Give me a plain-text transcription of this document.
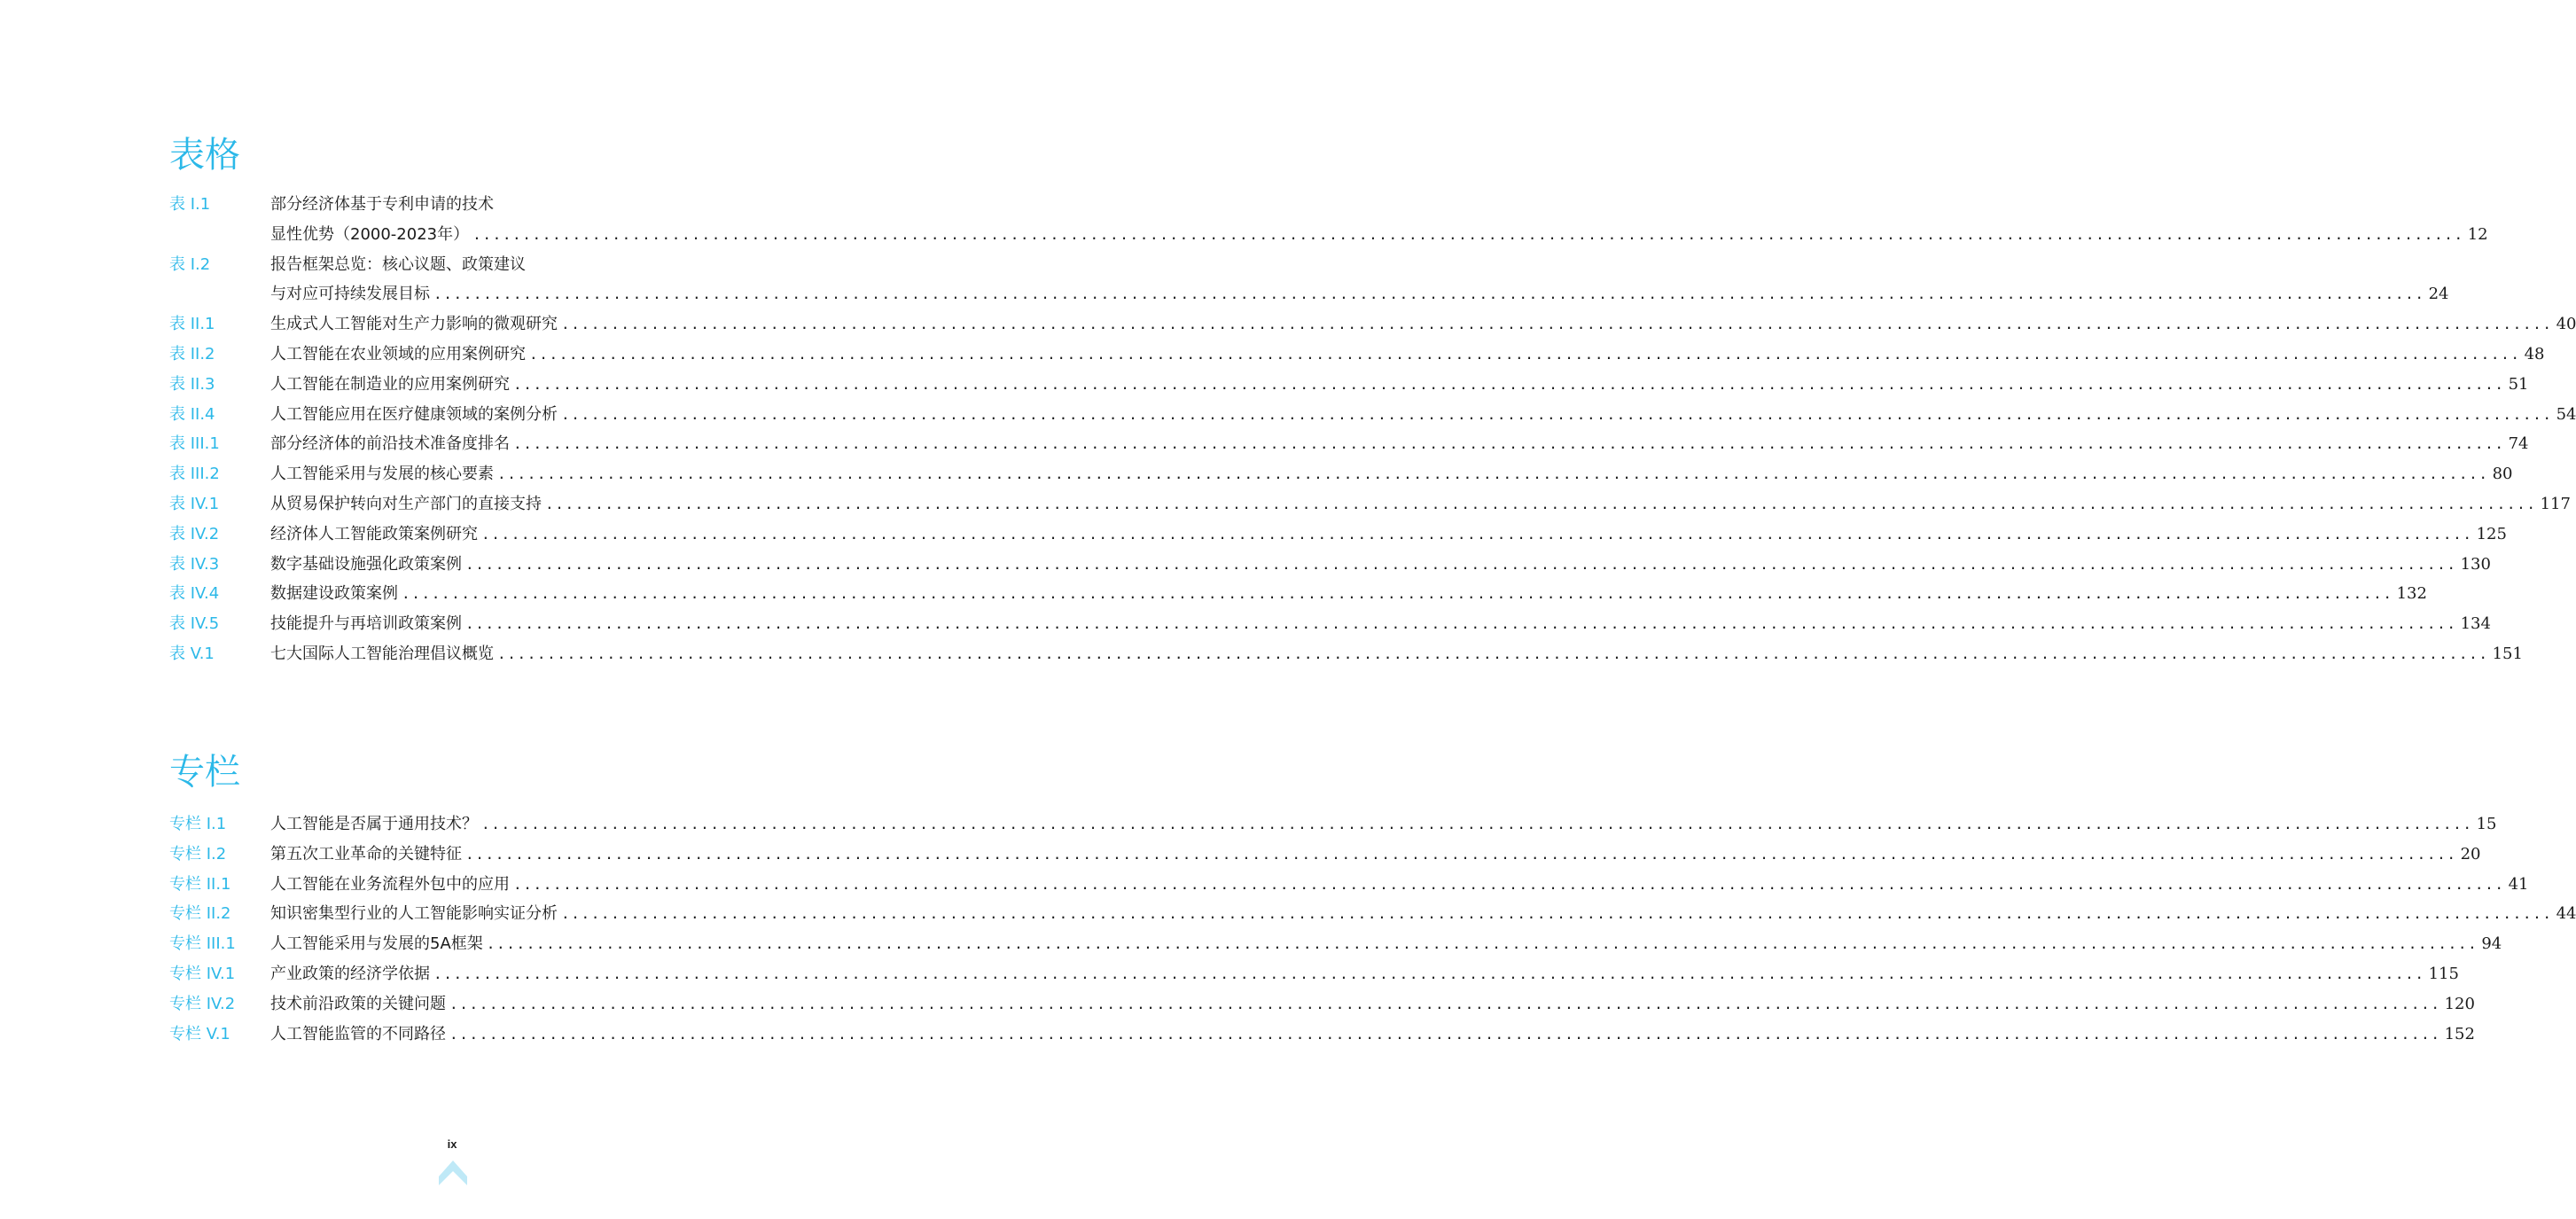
表格
表 I.1	部分经济体基于专利申请的技术
显性优势（2000-2023年） ........................................................................................................................................................................................................ 12
表 I.2	报告框架总览：核心议题、政策建议
与对应可持续发展目标 ........................................................................................................................................................................................................ 24
表 II.1	生成式人工智能对生产力影响的微观研究 ........................................................................................................................................................................................................ 40
表 II.2	人工智能在农业领域的应用案例研究 ........................................................................................................................................................................................................ 48
表 II.3	人工智能在制造业的应用案例研究 ........................................................................................................................................................................................................ 51
表 II.4	人工智能应用在医疗健康领域的案例分析 ........................................................................................................................................................................................................ 54
表 III.1	部分经济体的前沿技术准备度排名 ........................................................................................................................................................................................................ 74
表 III.2	人工智能采用与发展的核心要素 ........................................................................................................................................................................................................ 80
表 IV.1	从贸易保护转向对生产部门的直接支持 ........................................................................................................................................................................................................ 117
表 IV.2	经济体人工智能政策案例研究 ........................................................................................................................................................................................................ 125
表 IV.3	数字基础设施强化政策案例 ........................................................................................................................................................................................................ 130
表 IV.4	数据建设政策案例 ........................................................................................................................................................................................................ 132
表 IV.5	技能提升与再培训政策案例 ........................................................................................................................................................................................................ 134
表 V.1	七大国际人工智能治理倡议概览 ........................................................................................................................................................................................................ 151
专栏
专栏 I.1	人工智能是否属于通用技术？ ........................................................................................................................................................................................................ 15
专栏 I.2	第五次工业革命的关键特征 ........................................................................................................................................................................................................ 20
专栏 II.1	人工智能在业务流程外包中的应用 ........................................................................................................................................................................................................ 41
专栏 II.2	知识密集型行业的人工智能影响实证分析 ........................................................................................................................................................................................................ 44
专栏 III.1	人工智能采用与发展的5A框架 ........................................................................................................................................................................................................ 94
专栏 IV.1	产业政策的经济学依据 ........................................................................................................................................................................................................ 115
专栏 IV.2	技术前沿政策的关键问题 ........................................................................................................................................................................................................ 120
专栏 V.1	人工智能监管的不同路径 ........................................................................................................................................................................................................ 152
ix
